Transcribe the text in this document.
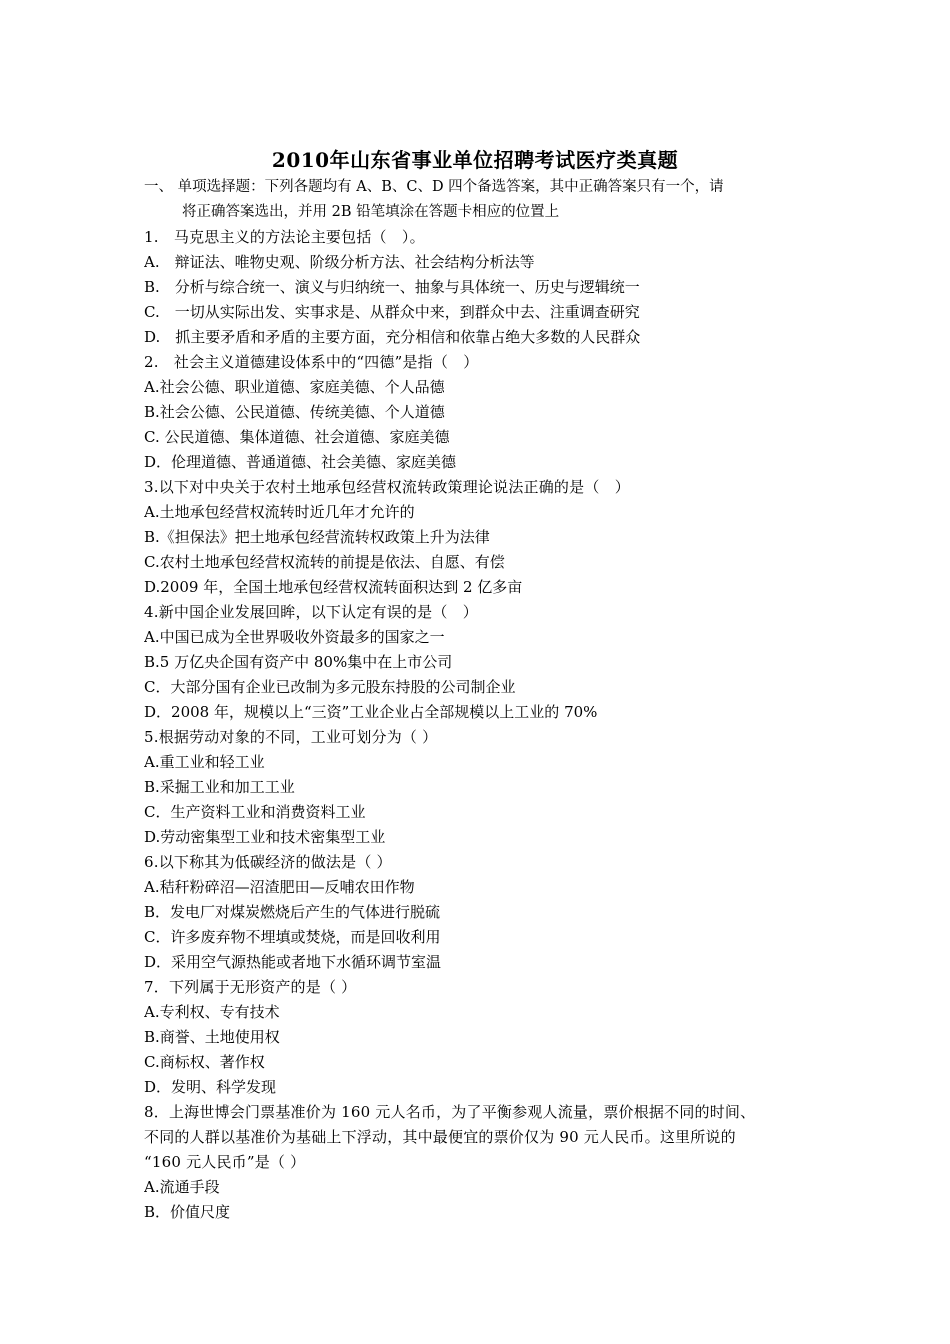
2010年山东省事业单位招聘考试医疗类真题
一、 单项选择题：下列各题均有 A、B、C、D 四个备选答案，其中正确答案只有一个，请
将正确答案选出，并用 2B 铅笔填涂在答题卡相应的位置上
1.　马克思主义的方法论主要包括（　）。
A.　辩证法、唯物史观、阶级分析方法、社会结构分析法等
B.　分析与综合统一、演义与归纳统一、抽象与具体统一、历史与逻辑统一
C.　一切从实际出发、实事求是、从群众中来，到群众中去、注重调查研究
D.　抓主要矛盾和矛盾的主要方面，充分相信和依靠占绝大多数的人民群众
2.　社会主义道德建设体系中的“四德”是指（　）
A.社会公德、职业道德、家庭美德、个人品德
B.社会公德、公民道德、传统美德、个人道德
C. 公民道德、集体道德、社会道德、家庭美德
D．伦理道德、普通道德、社会美德、家庭美德
3.以下对中央关于农村土地承包经营权流转政策理论说法正确的是（　）
A.土地承包经营权流转时近几年才允许的
B.《担保法》把土地承包经营流转权政策上升为法律
C.农村土地承包经营权流转的前提是依法、自愿、有偿
D.2009 年，全国土地承包经营权流转面积达到 2 亿多亩
4.新中国企业发展回眸，以下认定有误的是（　）
A.中国已成为全世界吸收外资最多的国家之一
B.5 万亿央企国有资产中 80%集中在上市公司
C．大部分国有企业已改制为多元股东持股的公司制企业
D．2008 年，规模以上“三资”工业企业占全部规模以上工业的 70%
5.根据劳动对象的不同，工业可划分为（ ）
A.重工业和轻工业
B.采掘工业和加工工业
C．生产资料工业和消费资料工业
D.劳动密集型工业和技术密集型工业
6.以下称其为低碳经济的做法是（ ）
A.秸秆粉碎沼—沼渣肥田—反哺农田作物
B．发电厂对煤炭燃烧后产生的气体进行脱硫
C．许多废弃物不埋填或焚烧，而是回收利用
D．采用空气源热能或者地下水循环调节室温
7．下列属于无形资产的是（ ）
A.专利权、专有技术
B.商誉、土地使用权
C.商标权、著作权
D．发明、科学发现
8．上海世博会门票基准价为 160 元人名币，为了平衡参观人流量，票价根据不同的时间、
不同的人群以基准价为基础上下浮动，其中最便宜的票价仅为 90 元人民币。这里所说的
“160 元人民币”是（ ）
A.流通手段
B．价值尺度
